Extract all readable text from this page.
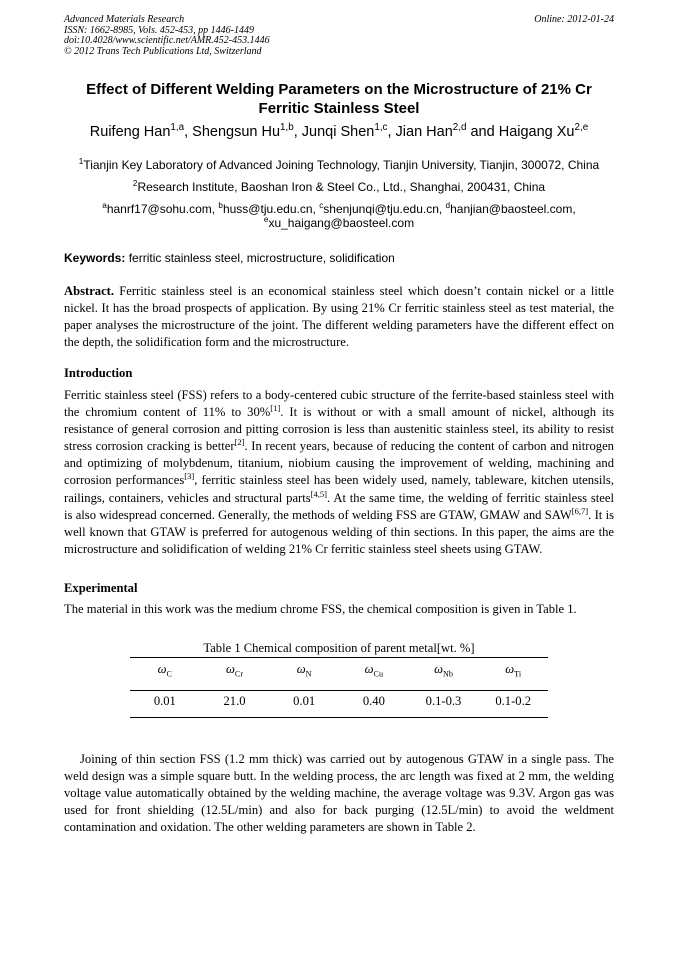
Advanced Materials Research
ISSN: 1662-8985, Vols. 452-453, pp 1446-1449
doi:10.4028/www.scientific.net/AMR.452-453.1446
© 2012 Trans Tech Publications Ltd, Switzerland
Online: 2012-01-24
Effect of Different Welding Parameters on the Microstructure of 21% Cr
Ferritic Stainless Steel
Ruifeng Han$^{1,a}$, Shengsun Hu$^{1,b}$, Junqi Shen$^{1,c}$, Jian Han$^{2,d}$ and Haigang Xu$^{2,e}$
$^1$Tianjin Key Laboratory of Advanced Joining Technology, Tianjin University, Tianjin, 300072, China
$^2$Research Institute, Baoshan Iron & Steel Co., Ltd., Shanghai, 200431, China
$^a$hanrf17@sohu.com, $^b$huss@tju.edu.cn, $^c$shenjunqi@tju.edu.cn, $^d$hanjian@baosteel.com,
$^e$xu_haigang@baosteel.com
Keywords: ferritic stainless steel, microstructure, solidification
Abstract. Ferritic stainless steel is an economical stainless steel which doesn’t contain nickel or a little nickel. It has the broad prospects of application. By using 21% Cr ferritic stainless steel as test material, the paper analyses the microstructure of the joint. The different welding parameters have the different effect on the depth, the solidification form and the microstructure.
Introduction
Ferritic stainless steel (FSS) refers to a body-centered cubic structure of the ferrite-based stainless steel with the chromium content of 11% to 30%[1]. It is without or with a small amount of nickel, although its resistance of general corrosion and pitting corrosion is less than austenitic stainless steel, its ability to resist stress corrosion cracking is better[2]. In recent years, because of reducing the content of carbon and nitrogen and optimizing of molybdenum, titanium, niobium causing the improvement of welding, machining and corrosion performances[3], ferritic stainless steel has been widely used, namely, tableware, kitchen utensils, railings, containers, vehicles and structural parts[4,5]. At the same time, the welding of ferritic stainless steel is also widespread concerned. Generally, the methods of welding FSS are GTAW, GMAW and SAW[6,7]. It is well known that GTAW is preferred for autogenous welding of thin sections. In this paper, the aims are the microstructure and solidification of welding 21% Cr ferritic stainless steel sheets using GTAW.
Experimental
The material in this work was the medium chrome FSS, the chemical composition is given in Table 1.
Table 1 Chemical composition of parent metal[wt. %]
$\omega_C$	$\omega_{Cr}$	$\omega_N$	$\omega_{Cu}$	$\omega_{Nb}$	$\omega_{Ti}$
0.01	21.0	0.01	0.40	0.1-0.3	0.1-0.2
Joining of thin section FSS (1.2 mm thick) was carried out by autogenous GTAW in a single pass. The weld design was a simple square butt. In the welding process, the arc length was fixed at 2 mm, the welding voltage value automatically obtained by the welding machine, the average voltage was 9.3V. Argon gas was used for front shielding (12.5L/min) and also for back purging (12.5L/min) to avoid the weldment contamination and oxidation. The other welding parameters are shown in Table 2.
